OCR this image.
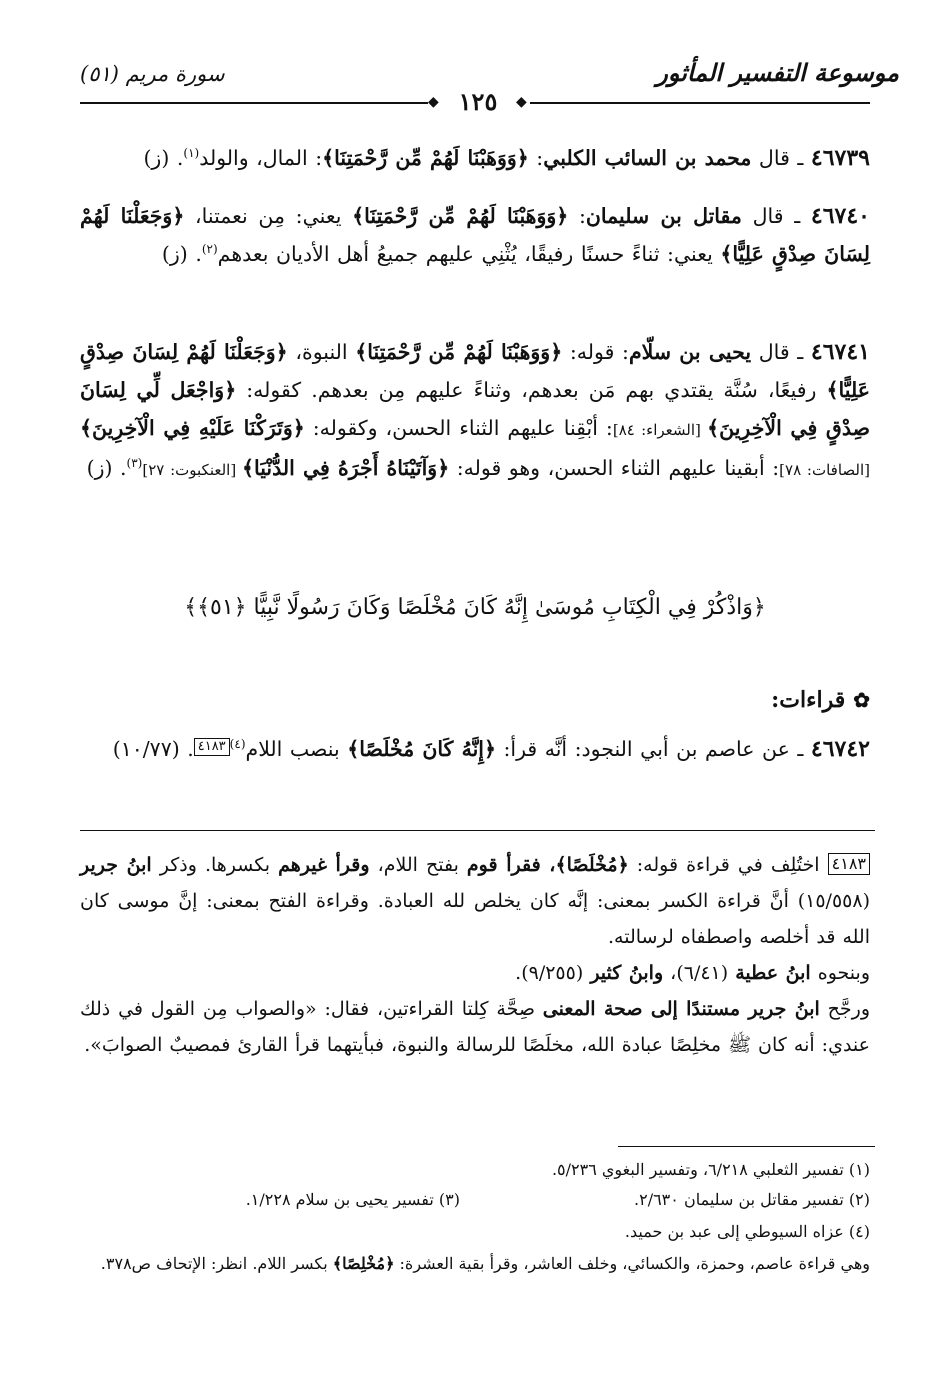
موسوعة التفسير المأثور
سورة مريم (٥١)
◆	◆
١٢٥
٤٦٧٣٩ ـ قال محمد بن السائب الكلبي: ﴿وَوَهَبْنَا لَهُمْ مِّن رَّحْمَتِنَا﴾: المال، والولد$^{(١)}$. (ز)
٤٦٧٤٠ ـ قال مقاتل بن سليمان: ﴿وَوَهَبْنَا لَهُمْ مِّن رَّحْمَتِنَا﴾ يعني: مِن نعمتنا، ﴿وَجَعَلْنَا لَهُمْ لِسَانَ صِدْقٍ عَلِيًّا﴾ يعني: ثناءً حسنًا رفيقًا، يُثْنِي عليهم جميعُ أهل الأديان بعدهم$^{(٢)}$. (ز)
٤٦٧٤١ ـ قال يحيى بن سلّام: قوله: ﴿وَوَهَبْنَا لَهُمْ مِّن رَّحْمَتِنَا﴾ النبوة، ﴿وَجَعَلْنَا لَهُمْ لِسَانَ صِدْقٍ عَلِيًّا﴾ رفيعًا، سُنَّة يقتدي بهم مَن بعدهم، وثناءً عليهم مِن بعدهم. كقوله: ﴿وَاجْعَل لِّي لِسَانَ صِدْقٍ فِي الْآخِرِينَ﴾ [الشعراء: ٨٤]: أبْقِنا عليهم الثناء الحسن، وكقوله: ﴿وَتَرَكْنَا عَلَيْهِ فِي الْآخِرِينَ﴾ [الصافات: ٧٨]: أبقينا عليهم الثناء الحسن، وهو قوله: ﴿وَآتَيْنَاهُ أَجْرَهُ فِي الدُّنْيَا﴾ [العنكبوت: ٢٧]$^{(٣)}$. (ز)
﴿وَاذْكُرْ فِي الْكِتَابِ مُوسَىٰ إِنَّهُ كَانَ مُخْلَصًا وَكَانَ رَسُولًا نَّبِيًّا ﴿٥١﴾﴾
✿قراءات:
٤٦٧٤٢ ـ عن عاصم بن أبي النجود: أنَّه قرأ: ﴿إِنَّهُ كَانَ مُخْلَصًا﴾ بنصب اللام$^{(٤)}$٤١٨٣. (١٠/٧٧)
٤١٨٣ اختُلِف في قراءة قوله: ﴿مُخْلَصًا﴾، فقرأ قوم بفتح اللام، وقرأ غيرهم بكسرها. وذكر ابنُ جرير (١٥/٥٥٨) أنَّ قراءة الكسر بمعنى: إنَّه كان يخلص لله العبادة. وقراءة الفتح بمعنى: إنَّ موسى كان الله قد أخلصه واصطفاه لرسالته.
وبنحوه ابنُ عطية (٦/٤١)، وابنُ كثير (٩/٢٥٥).
ورجَّح ابنُ جرير مستندًا إلى صحة المعنى صِحَّة كِلتا القراءتين، فقال: «والصواب مِن القول في ذلك عندي: أنه كان ﷺ مخلِصًا عبادة الله، مخلَصًا للرسالة والنبوة، فبأيتهما قرأ القارئ فمصيبٌ الصوابَ».
(١) تفسير الثعلبي ٦/٢١٨، وتفسير البغوي ٥/٢٣٦.
(٢) تفسير مقاتل بن سليمان ٢/٦٣٠.
(٣) تفسير يحيى بن سلام ١/٢٢٨.
(٤) عزاه السيوطي إلى عبد بن حميد.
وهي قراءة عاصم، وحمزة، والكسائي، وخلف العاشر، وقرأ بقية العشرة: ﴿مُخْلِصًا﴾ بكسر اللام. انظر: الإتحاف ص٣٧٨.
